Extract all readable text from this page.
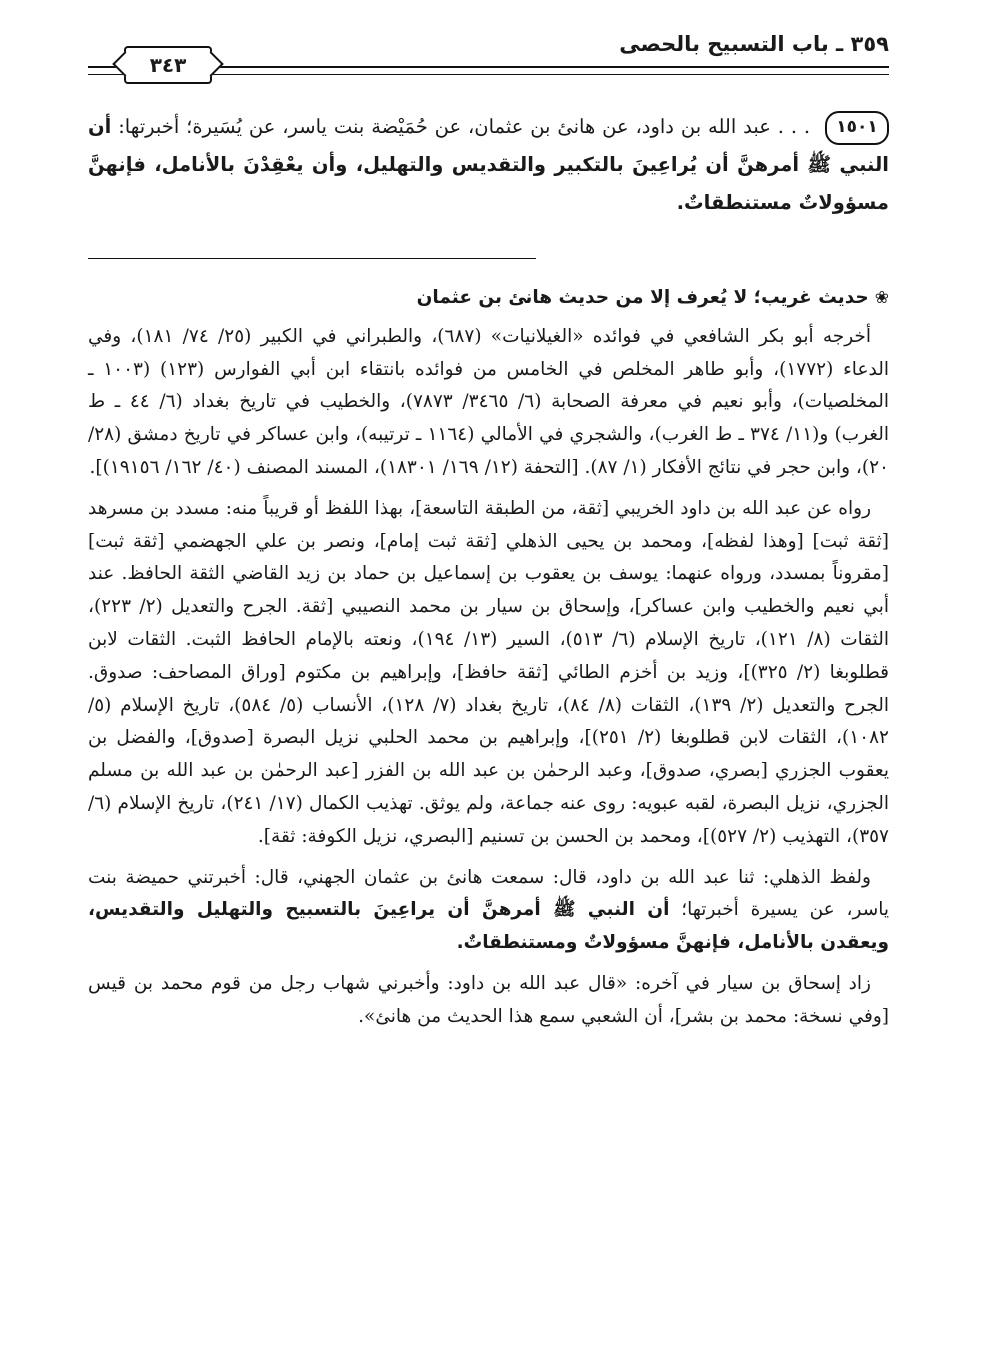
٣٥٩ ـ باب التسبيح بالحصى
٣٤٣
١٥٠١ . . . عبد الله بن داود، عن هانئ بن عثمان، عن حُمَيْضة بنت ياسر، عن يُسَيرة؛ أخبرتها: أن النبي ﷺ أمرهنَّ أن يُراعِينَ بالتكبير والتقديس والتهليل، وأن يعْقِدْنَ بالأنامل، فإنهنَّ مسؤولاتٌ مستنطقاتٌ.
❀حديث غريب؛ لا يُعرف إلا من حديث هانئ بن عثمان

أخرجه أبو بكر الشافعي في فوائده «الغيلانيات» (٦٨٧)، والطبراني في الكبير (٢٥/ ٧٤/ ١٨١)، وفي الدعاء (١٧٧٢)، وأبو طاهر المخلص في الخامس من فوائده بانتقاء ابن أبي الفوارس (١٢٣) (١٠٠٣ ـ المخلصيات)، وأبو نعيم في معرفة الصحابة (٦/ ٣٤٦٥/ ٧٨٧٣)، والخطيب في تاريخ بغداد (٦/ ٤٤ ـ ط الغرب) و(١١/ ٣٧٤ ـ ط الغرب)، والشجري في الأمالي (١١٦٤ ـ ترتيبه)، وابن عساكر في تاريخ دمشق (٢٨/ ٢٠)، وابن حجر في نتائج الأفكار (١/ ٨٧). [التحفة (١٢/ ١٦٩/ ١٨٣٠١)، المسند المصنف (٤٠/ ١٦٢/ ١٩١٥٦)].

رواه عن عبد الله بن داود الخريبي [ثقة، من الطبقة التاسعة]، بهذا اللفظ أو قريباً منه: مسدد بن مسرهد [ثقة ثبت] [وهذا لفظه]، ومحمد بن يحيى الذهلي [ثقة ثبت إمام]، ونصر بن علي الجهضمي [ثقة ثبت] [مقروناً بمسدد، ورواه عنهما: يوسف بن يعقوب بن إسماعيل بن حماد بن زيد القاضي الثقة الحافظ. عند أبي نعيم والخطيب وابن عساكر]، وإسحاق بن سيار بن محمد النصيبي [ثقة. الجرح والتعديل (٢/ ٢٢٣)، الثقات (٨/ ١٢١)، تاريخ الإسلام (٦/ ٥١٣)، السير (١٣/ ١٩٤)، ونعته بالإمام الحافظ الثبت. الثقات لابن قطلوبغا (٢/ ٣٢٥)]، وزيد بن أخزم الطائي [ثقة حافظ]، وإبراهيم بن مكتوم [وراق المصاحف: صدوق. الجرح والتعديل (٢/ ١٣٩)، الثقات (٨/ ٨٤)، تاريخ بغداد (٧/ ١٢٨)، الأنساب (٥/ ٥٨٤)، تاريخ الإسلام (٥/ ١٠٨٢)، الثقات لابن قطلوبغا (٢/ ٢٥١)]، وإبراهيم بن محمد الحلبي نزيل البصرة [صدوق]، والفضل بن يعقوب الجزري [بصري، صدوق]، وعبد الرحمٰن بن عبد الله بن الفزر [عبد الرحمٰن بن عبد الله بن مسلم الجزري، نزيل البصرة، لقبه عبويه: روى عنه جماعة، ولم يوثق. تهذيب الكمال (١٧/ ٢٤١)، تاريخ الإسلام (٦/ ٣٥٧)، التهذيب (٢/ ٥٢٧)]، ومحمد بن الحسن بن تسنيم [البصري، نزيل الكوفة: ثقة].

ولفظ الذهلي: ثنا عبد الله بن داود، قال: سمعت هانئ بن عثمان الجهني، قال: أخبرتني حميضة بنت ياسر، عن يسيرة أخبرتها؛ أن النبي ﷺ أمرهنَّ أن يراعِينَ بالتسبيح والتهليل والتقديس، ويعقدن بالأنامل، فإنهنَّ مسؤولاتٌ ومستنطقاتٌ.

زاد إسحاق بن سيار في آخره: «قال عبد الله بن داود: وأخبرني شهاب رجل من قوم محمد بن قيس [وفي نسخة: محمد بن بشر]، أن الشعبي سمع هذا الحديث من هانئ».
